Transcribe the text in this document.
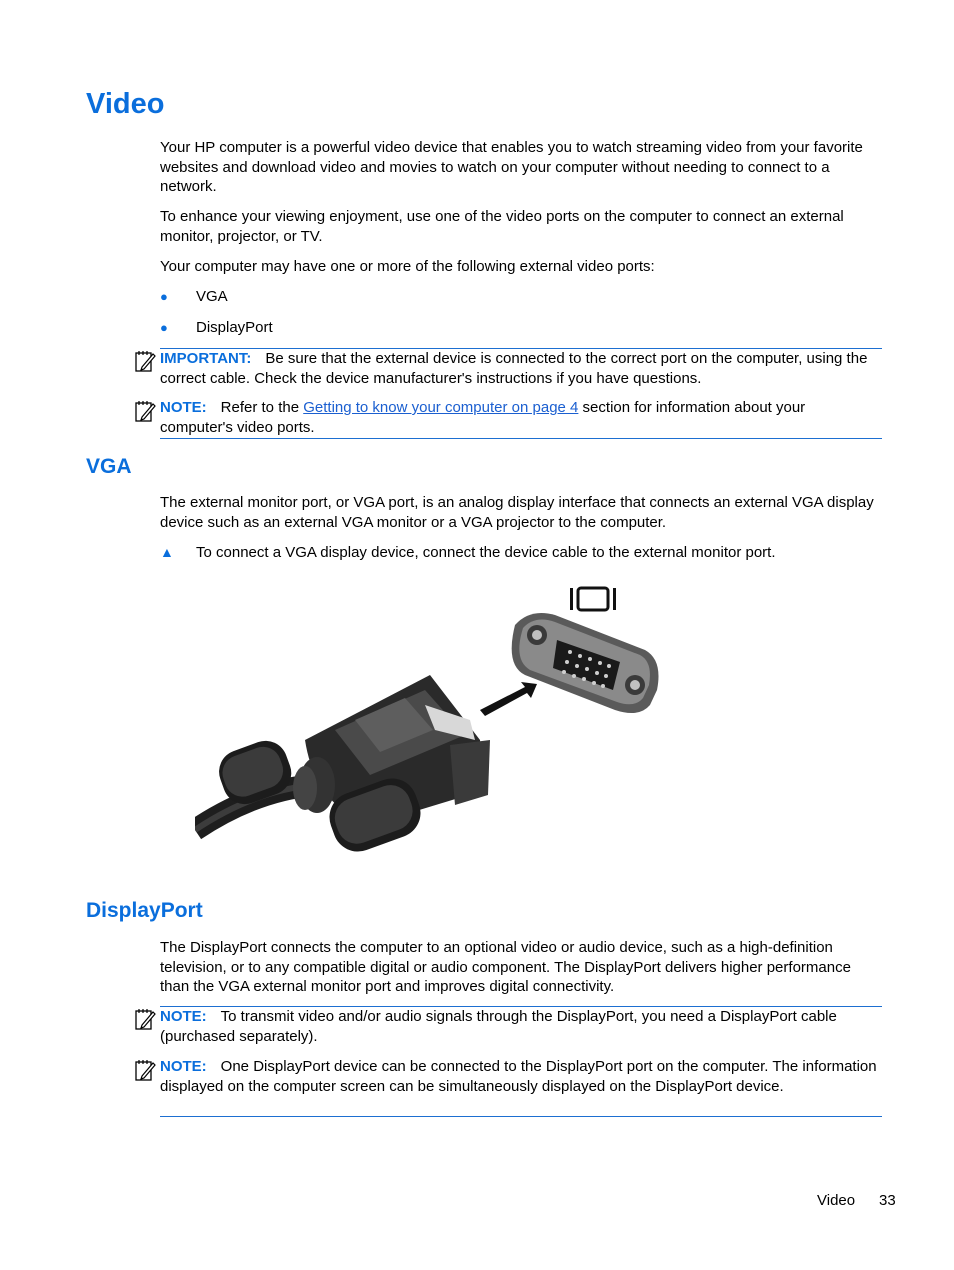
Video

Your HP computer is a powerful video device that enables you to watch streaming video from your favorite websites and download video and movies to watch on your computer without needing to connect to a network.

To enhance your viewing enjoyment, use one of the video ports on the computer to connect an external monitor, projector, or TV.

Your computer may have one or more of the following external video ports:

● VGA
● DisplayPort
IMPORTANT: Be sure that the external device is connected to the correct port on the computer, using the correct cable. Check the device manufacturer's instructions if you have questions.
NOTE: Refer to the Getting to know your computer on page 4 section for information about your computer's video ports.
VGA

The external monitor port, or VGA port, is an analog display interface that connects an external VGA display device such as an external VGA monitor or a VGA projector to the computer.

▲ To connect a VGA display device, connect the device cable to the external monitor port.
DisplayPort

The DisplayPort connects the computer to an optional video or audio device, such as a high-definition television, or to any compatible digital or audio component. The DisplayPort delivers higher performance than the VGA external monitor port and improves digital connectivity.

NOTE: To transmit video and/or audio signals through the DisplayPort, you need a DisplayPort cable (purchased separately).
NOTE: One DisplayPort device can be connected to the DisplayPort port on the computer. The information displayed on the computer screen can be simultaneously displayed on the DisplayPort device.
Video 33
